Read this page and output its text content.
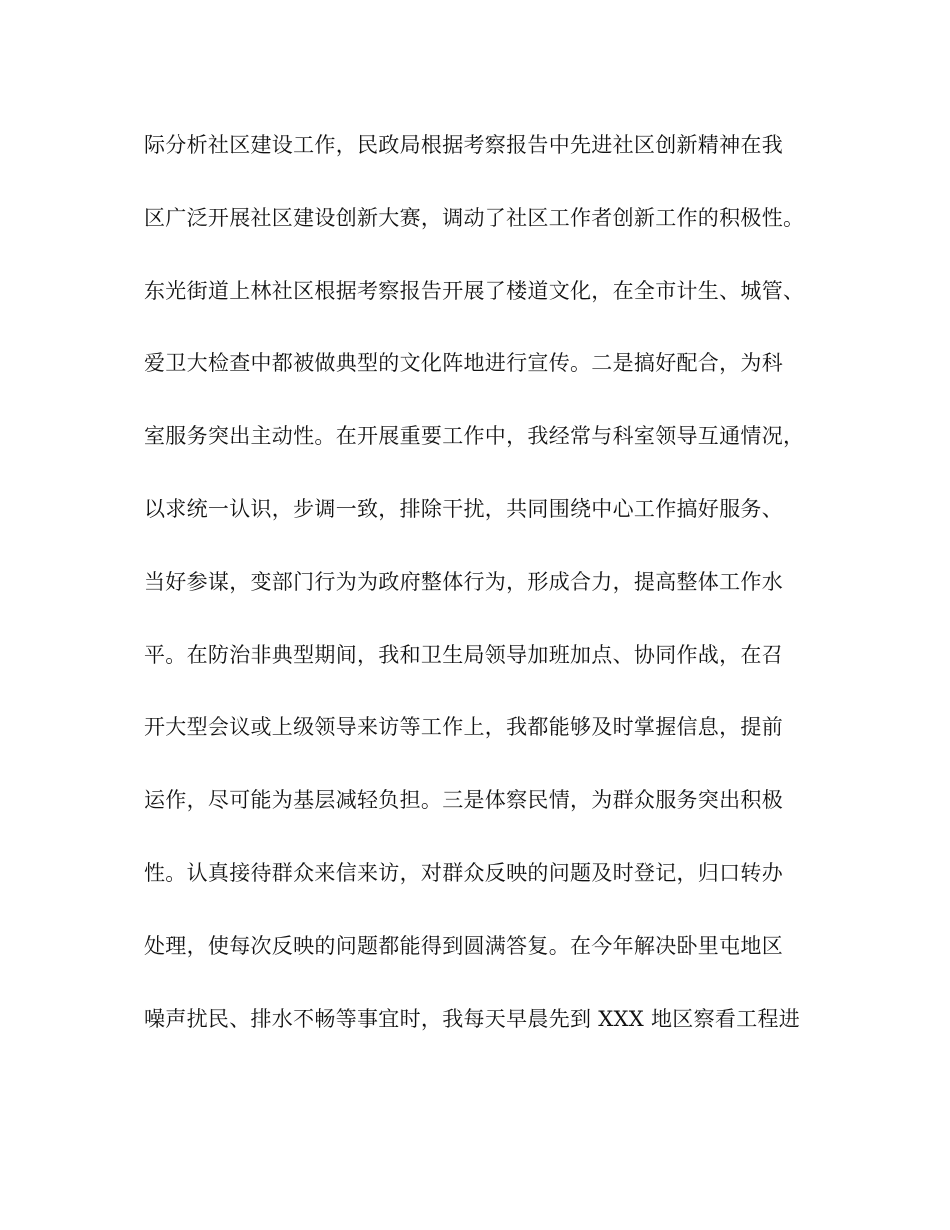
际分析社区建设工作，民政局根据考察报告中先进社区创新精神在我
区广泛开展社区建设创新大赛，调动了社区工作者创新工作的积极性。
东光街道上林社区根据考察报告开展了楼道文化，在全市计生、城管、
爱卫大检查中都被做典型的文化阵地进行宣传。二是搞好配合，为科
室服务突出主动性。在开展重要工作中，我经常与科室领导互通情况，
以求统一认识，步调一致，排除干扰，共同围绕中心工作搞好服务、
当好参谋，变部门行为为政府整体行为，形成合力，提高整体工作水
平。在防治非典型期间，我和卫生局领导加班加点、协同作战，在召
开大型会议或上级领导来访等工作上，我都能够及时掌握信息，提前
运作，尽可能为基层减轻负担。三是体察民情，为群众服务突出积极
性。认真接待群众来信来访，对群众反映的问题及时登记，归口转办
处理，使每次反映的问题都能得到圆满答复。在今年解决卧里屯地区
噪声扰民、排水不畅等事宜时，我每天早晨先到 XXX 地区察看工程进
